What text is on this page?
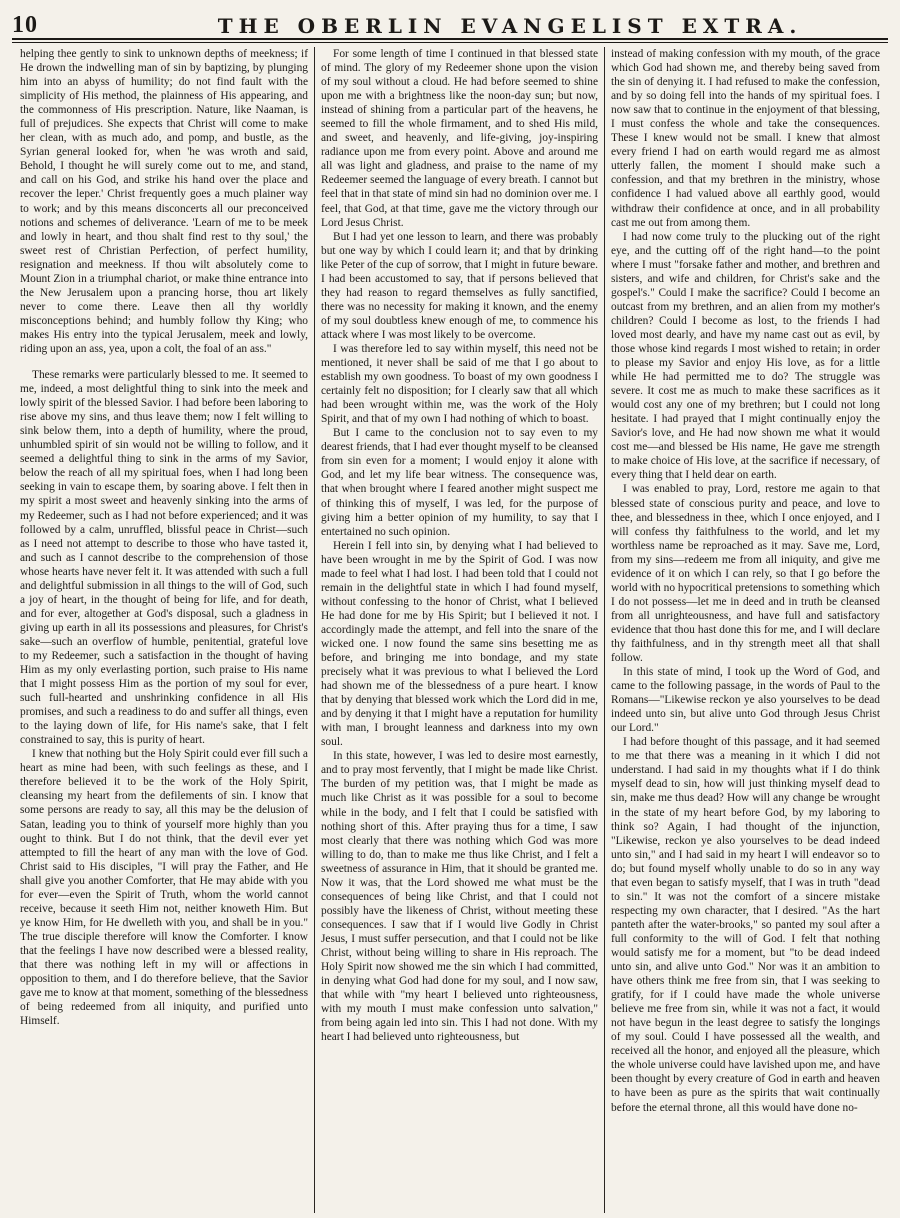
10	THE OBERLIN EVANGELIST EXTRA.

helping thee gently to sink to unknown depths of meekness; if He drown the indwelling man of sin by baptizing, by plunging him into an abyss of humility; do not find fault with the simplicity of His method, the plainness of His appearing, and the commonness of His prescription. Nature, like Naaman, is full of prejudices. She expects that Christ will come to make her clean, with as much ado, and pomp, and bustle, as the Syrian general looked for, when 'he was wroth and said, Behold, I thought he will surely come out to me, and stand, and call on his God, and strike his hand over the place and recover the leper.' Christ frequently goes a much plainer way to work; and by this means disconcerts all our preconceived notions and schemes of deliverance. 'Learn of me to be meek and lowly in heart, and thou shalt find rest to thy soul,' the sweet rest of Christian Perfection, of perfect humility, resignation and meekness. If thou wilt absolutely come to Mount Zion in a triumphal chariot, or make thine entrance into the New Jerusalem upon a prancing horse, thou art likely never to come there. Leave then all thy worldly misconceptions behind; and humbly follow thy King; who makes His entry into the typical Jerusalem, meek and lowly, riding upon an ass, yea, upon a colt, the foal of an ass."

These remarks were particularly blessed to me. It seemed to me, indeed, a most delightful thing to sink into the meek and lowly spirit of the blessed Savior. I had before been laboring to rise above my sins, and thus leave them; now I felt willing to sink below them, into a depth of humility, where the proud, unhumbled spirit of sin would not be willing to follow, and it seemed a delightful thing to sink in the arms of my Savior, below the reach of all my spiritual foes, when I had long been seeking in vain to escape them, by soaring above. I felt then in my spirit a most sweet and heavenly sinking into the arms of my Redeemer, such as I had not before experienced; and it was followed by a calm, unruffled, blissful peace in Christ—such as I need not attempt to describe to those who have tasted it, and such as I cannot describe to the comprehension of those whose hearts have never felt it. It was attended with such a full and delightful submission in all things to the will of God, such a joy of heart, in the thought of being for life, and for death, and for ever, altogether at God's disposal, such a gladness in giving up earth in all its possessions and pleasures, for Christ's sake—such an overflow of humble, penitential, grateful love to my Redeemer, such a satisfaction in the thought of having Him as my only everlasting portion, such praise to His name that I might possess Him as the portion of my soul for ever, such full-hearted and unshrinking confidence in all His promises, and such a readiness to do and suffer all things, even to the laying down of life, for His name's sake, that I felt constrained to say, this is purity of heart.

I knew that nothing but the Holy Spirit could ever fill such a heart as mine had been, with such feelings as these, and I therefore believed it to be the work of the Holy Spirit, cleansing my heart from the defilements of sin. I know that some persons are ready to say, all this may be the delusion of Satan, leading you to think of yourself more highly than you ought to think. But I do not think, that the devil ever yet attempted to fill the heart of any man with the love of God. Christ said to His disciples, "I will pray the Father, and He shall give you another Comforter, that He may abide with you for ever—even the Spirit of Truth, whom the world cannot receive, because it seeth Him not, neither knoweth Him. But ye know Him, for He dwelleth with you, and shall be in you." The true disciple therefore will know the Comforter. I know that the feelings I have now described were a blessed reality, that there was nothing left in my will or affections in opposition to them, and I do therefore believe, that the Savior gave me to know at that moment, something of the blessedness of being redeemed from all iniquity, and purified unto Himself.

For some length of time I continued in that blessed state of mind. The glory of my Redeemer shone upon the vision of my soul without a cloud. He had before seemed to shine upon me with a brightness like the noon-day sun; but now, instead of shining from a particular part of the heavens, he seemed to fill the whole firmament, and to shed His mild, and sweet, and heavenly, and life-giving, joy-inspiring radiance upon me from every point. Above and around me all was light and gladness, and praise to the name of my Redeemer seemed the language of every breath. I cannot but feel that in that state of mind sin had no dominion over me. I feel, that God, at that time, gave me the victory through our Lord Jesus Christ.

But I had yet one lesson to learn, and there was probably but one way by which I could learn it; and that by drinking like Peter of the cup of sorrow, that I might in future beware. I had been accustomed to say, that if persons believed that they had reason to regard themselves as fully sanctified, there was no necessity for making it known, and the enemy of my soul doubtless knew enough of me, to commence his attack where I was most likely to be overcome.

I was therefore led to say within myself, this need not be mentioned, it never shall be said of me that I go about to establish my own goodness. To boast of my own goodness I certainly felt no disposition; for I clearly saw that all which had been wrought within me, was the work of the Holy Spirit, and that of my own I had nothing of which to boast.

But I came to the conclusion not to say even to my dearest friends, that I had ever thought myself to be cleansed from sin even for a moment; I would enjoy it alone with God, and let my life bear witness. The consequence was, that when brought where I feared another might suspect me of thinking this of myself, I was led, for the purpose of giving him a better opinion of my humility, to say that I entertained no such opinion.

Herein I fell into sin, by denying what I had believed to have been wrought in me by the Spirit of God. I was now made to feel what I had lost. I had been told that I could not remain in the delightful state in which I had found myself, without confessing to the honor of Christ, what I believed He had done for me by His Spirit; but I believed it not. I accordingly made the attempt, and fell into the snare of the wicked one. I now found the same sins besetting me as before, and bringing me into bondage, and my state precisely what it was previous to what I believed the Lord had shown me of the blessedness of a pure heart. I know that by denying that blessed work which the Lord did in me, and by denying it that I might have a reputation for humility with man, I brought leanness and darkness into my own soul.

In this state, however, I was led to desire most earnestly, and to pray most fervently, that I might be made like Christ. The burden of my petition was, that I might be made as much like Christ as it was possible for a soul to become while in the body, and I felt that I could be satisfied with nothing short of this. After praying thus for a time, I saw most clearly that there was nothing which God was more willing to do, than to make me thus like Christ, and I felt a sweetness of assurance in Him, that it should be granted me. Now it was, that the Lord showed me what must be the consequences of being like Christ, and that I could not possibly have the likeness of Christ, without meeting these consequences. I saw that if I would live Godly in Christ Jesus, I must suffer persecution, and that I could not be like Christ, without being willing to share in His reproach. The Holy Spirit now showed me the sin which I had committed, in denying what God had done for my soul, and I now saw, that while with "my heart I believed unto righteousness, with my mouth I must make confession unto salvation," from being again led into sin. This I had not done. With my heart I had believed unto righteousness, but

instead of making confession with my mouth, of the grace which God had shown me, and thereby being saved from the sin of denying it. I had refused to make the confession, and by so doing fell into the hands of my spiritual foes. I now saw that to continue in the enjoyment of that blessing, I must confess the whole and take the consequences. These I knew would not be small. I knew that almost every friend I had on earth would regard me as almost utterly fallen, the moment I should make such a confession, and that my brethren in the ministry, whose confidence I had valued above all earthly good, would withdraw their confidence at once, and in all probability cast me out from among them.

I had now come truly to the plucking out of the right eye, and the cutting off of the right hand—to the point where I must "forsake father and mother, and brethren and sisters, and wife and children, for Christ's sake and the gospel's." Could I make the sacrifice? Could I become an outcast from my brethren, and an alien from my mother's children? Could I become as lost, to the friends I had loved most dearly, and have my name cast out as evil, by those whose kind regards I most wished to retain; in order to please my Savior and enjoy His love, as for a little while He had permitted me to do? The struggle was severe. It cost me as much to make these sacrifices as it would cost any one of my brethren; but I could not long hesitate. I had prayed that I might continually enjoy the Savior's love, and He had now shown me what it would cost me—and blessed be His name, He gave me strength to make choice of His love, at the sacrifice if necessary, of every thing that I held dear on earth.

I was enabled to pray, Lord, restore me again to that blessed state of conscious purity and peace, and love to thee, and blessedness in thee, which I once enjoyed, and I will confess thy faithfulness to the world, and let my worthless name be reproached as it may. Save me, Lord, from my sins—redeem me from all iniquity, and give me evidence of it on which I can rely, so that I go before the world with no hypocritical pretensions to something which I do not possess—let me in deed and in truth be cleansed from all unrighteousness, and have full and satisfactory evidence that thou hast done this for me, and I will declare thy faithfulness, and in thy strength meet all that shall follow.

In this state of mind, I took up the Word of God, and came to the following passage, in the words of Paul to the Romans—"Likewise reckon ye also yourselves to be dead indeed unto sin, but alive unto God through Jesus Christ our Lord."

I had before thought of this passage, and it had seemed to me that there was a meaning in it which I did not understand. I had said in my thoughts what if I do think myself dead to sin, how will just thinking myself dead to sin, make me thus dead? How will any change be wrought in the state of my heart before God, by my laboring to think so? Again, I had thought of the injunction, "Likewise, reckon ye also yourselves to be dead indeed unto sin," and I had said in my heart I will endeavor so to do; but found myself wholly unable to do so in any way that even began to satisfy myself, that I was in truth "dead to sin." It was not the comfort of a sincere mistake respecting my own character, that I desired. "As the hart panteth after the water-brooks," so panted my soul after a full conformity to the will of God. I felt that nothing would satisfy me for a moment, but "to be dead indeed unto sin, and alive unto God." Nor was it an ambition to have others think me free from sin, that I was seeking to gratify, for if I could have made the whole universe believe me free from sin, while it was not a fact, it would not have begun in the least degree to satisfy the longings of my soul. Could I have possessed all the wealth, and received all the honor, and enjoyed all the pleasure, which the whole universe could have lavished upon me, and have been thought by every creature of God in earth and heaven to have been as pure as the spirits that wait continually before the eternal throne, all this would have done no-
